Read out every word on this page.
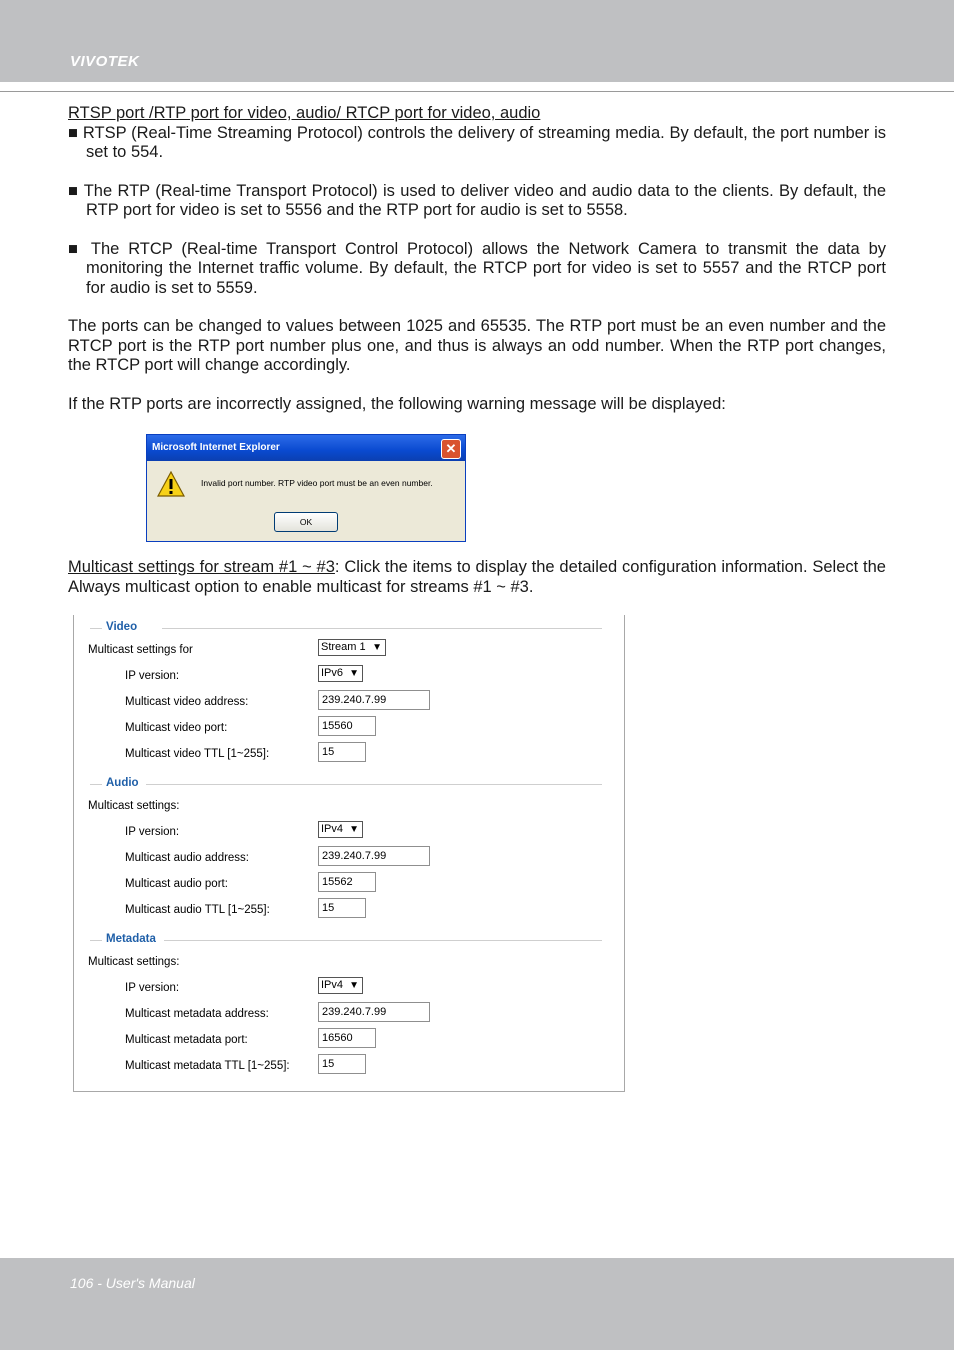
VIVOTEK

RTSP port /RTP port for video, audio/ RTCP port for video, audio

■ RTSP (Real-Time Streaming Protocol) controls the delivery of streaming media. By default, the port number is set to 554.

■ The RTP (Real-time Transport Protocol) is used to deliver video and audio data to the clients. By default, the RTP port for video is set to 5556 and the RTP port for audio is set to 5558.

■ The RTCP (Real-time Transport Control Protocol) allows the Network Camera to transmit the data by monitoring the Internet traffic volume. By default, the RTCP port for video is set to 5557 and the RTCP port for audio is set to 5559.

The ports can be changed to values between 1025 and 65535. The RTP port must be an even number and the RTCP port is the RTP port number plus one, and thus is always an odd number. When the RTP port changes, the RTCP port will change accordingly.

If the RTP ports are incorrectly assigned, the following warning message will be displayed:

Microsoft Internet Explorer	✕
Invalid port number. RTP video port must be an even number.
OK

Multicast settings for stream #1 ~ #3: Click the items to display the detailed configuration information. Select the Always multicast option to enable multicast for streams #1 ~ #3.

Video
Multicast settings for	Stream 1 ▼
IP version:	IPv6 ▼
Multicast video address:	239.240.7.99
Multicast video port:	15560
Multicast video TTL [1~255]:	15
Audio
Multicast settings:
IP version:	IPv4 ▼
Multicast audio address:	239.240.7.99
Multicast audio port:	15562
Multicast audio TTL [1~255]:	15
Metadata
Multicast settings:
IP version:	IPv4 ▼
Multicast metadata address:	239.240.7.99
Multicast metadata port:	16560
Multicast metadata TTL [1~255]:	15
106 - User's Manual
